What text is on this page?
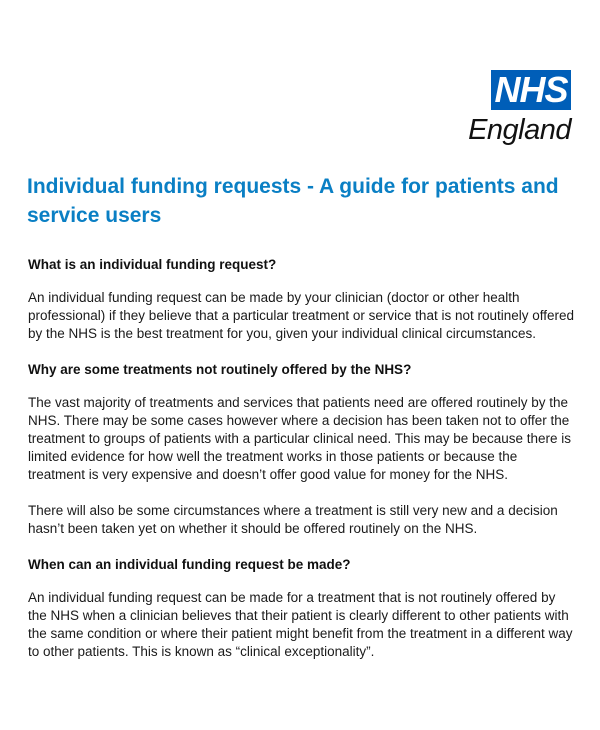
NHS
England
Individual funding requests - A guide for patients and service users

What is an individual funding request?

An individual funding request can be made by your clinician (doctor or other health professional) if they believe that a particular treatment or service that is not routinely offered by the NHS is the best treatment for you, given your individual clinical circumstances.

Why are some treatments not routinely offered by the NHS?

The vast majority of treatments and services that patients need are offered routinely by the NHS. There may be some cases however where a decision has been taken not to offer the treatment to groups of patients with a particular clinical need. This may be because there is limited evidence for how well the treatment works in those patients or because the treatment is very expensive and doesn’t offer good value for money for the NHS.

There will also be some circumstances where a treatment is still very new and a decision hasn’t been taken yet on whether it should be offered routinely on the NHS.

When can an individual funding request be made?

An individual funding request can be made for a treatment that is not routinely offered by the NHS when a clinician believes that their patient is clearly different to other patients with the same condition or where their patient might benefit from the treatment in a different way to other patients. This is known as “clinical exceptionality”.
